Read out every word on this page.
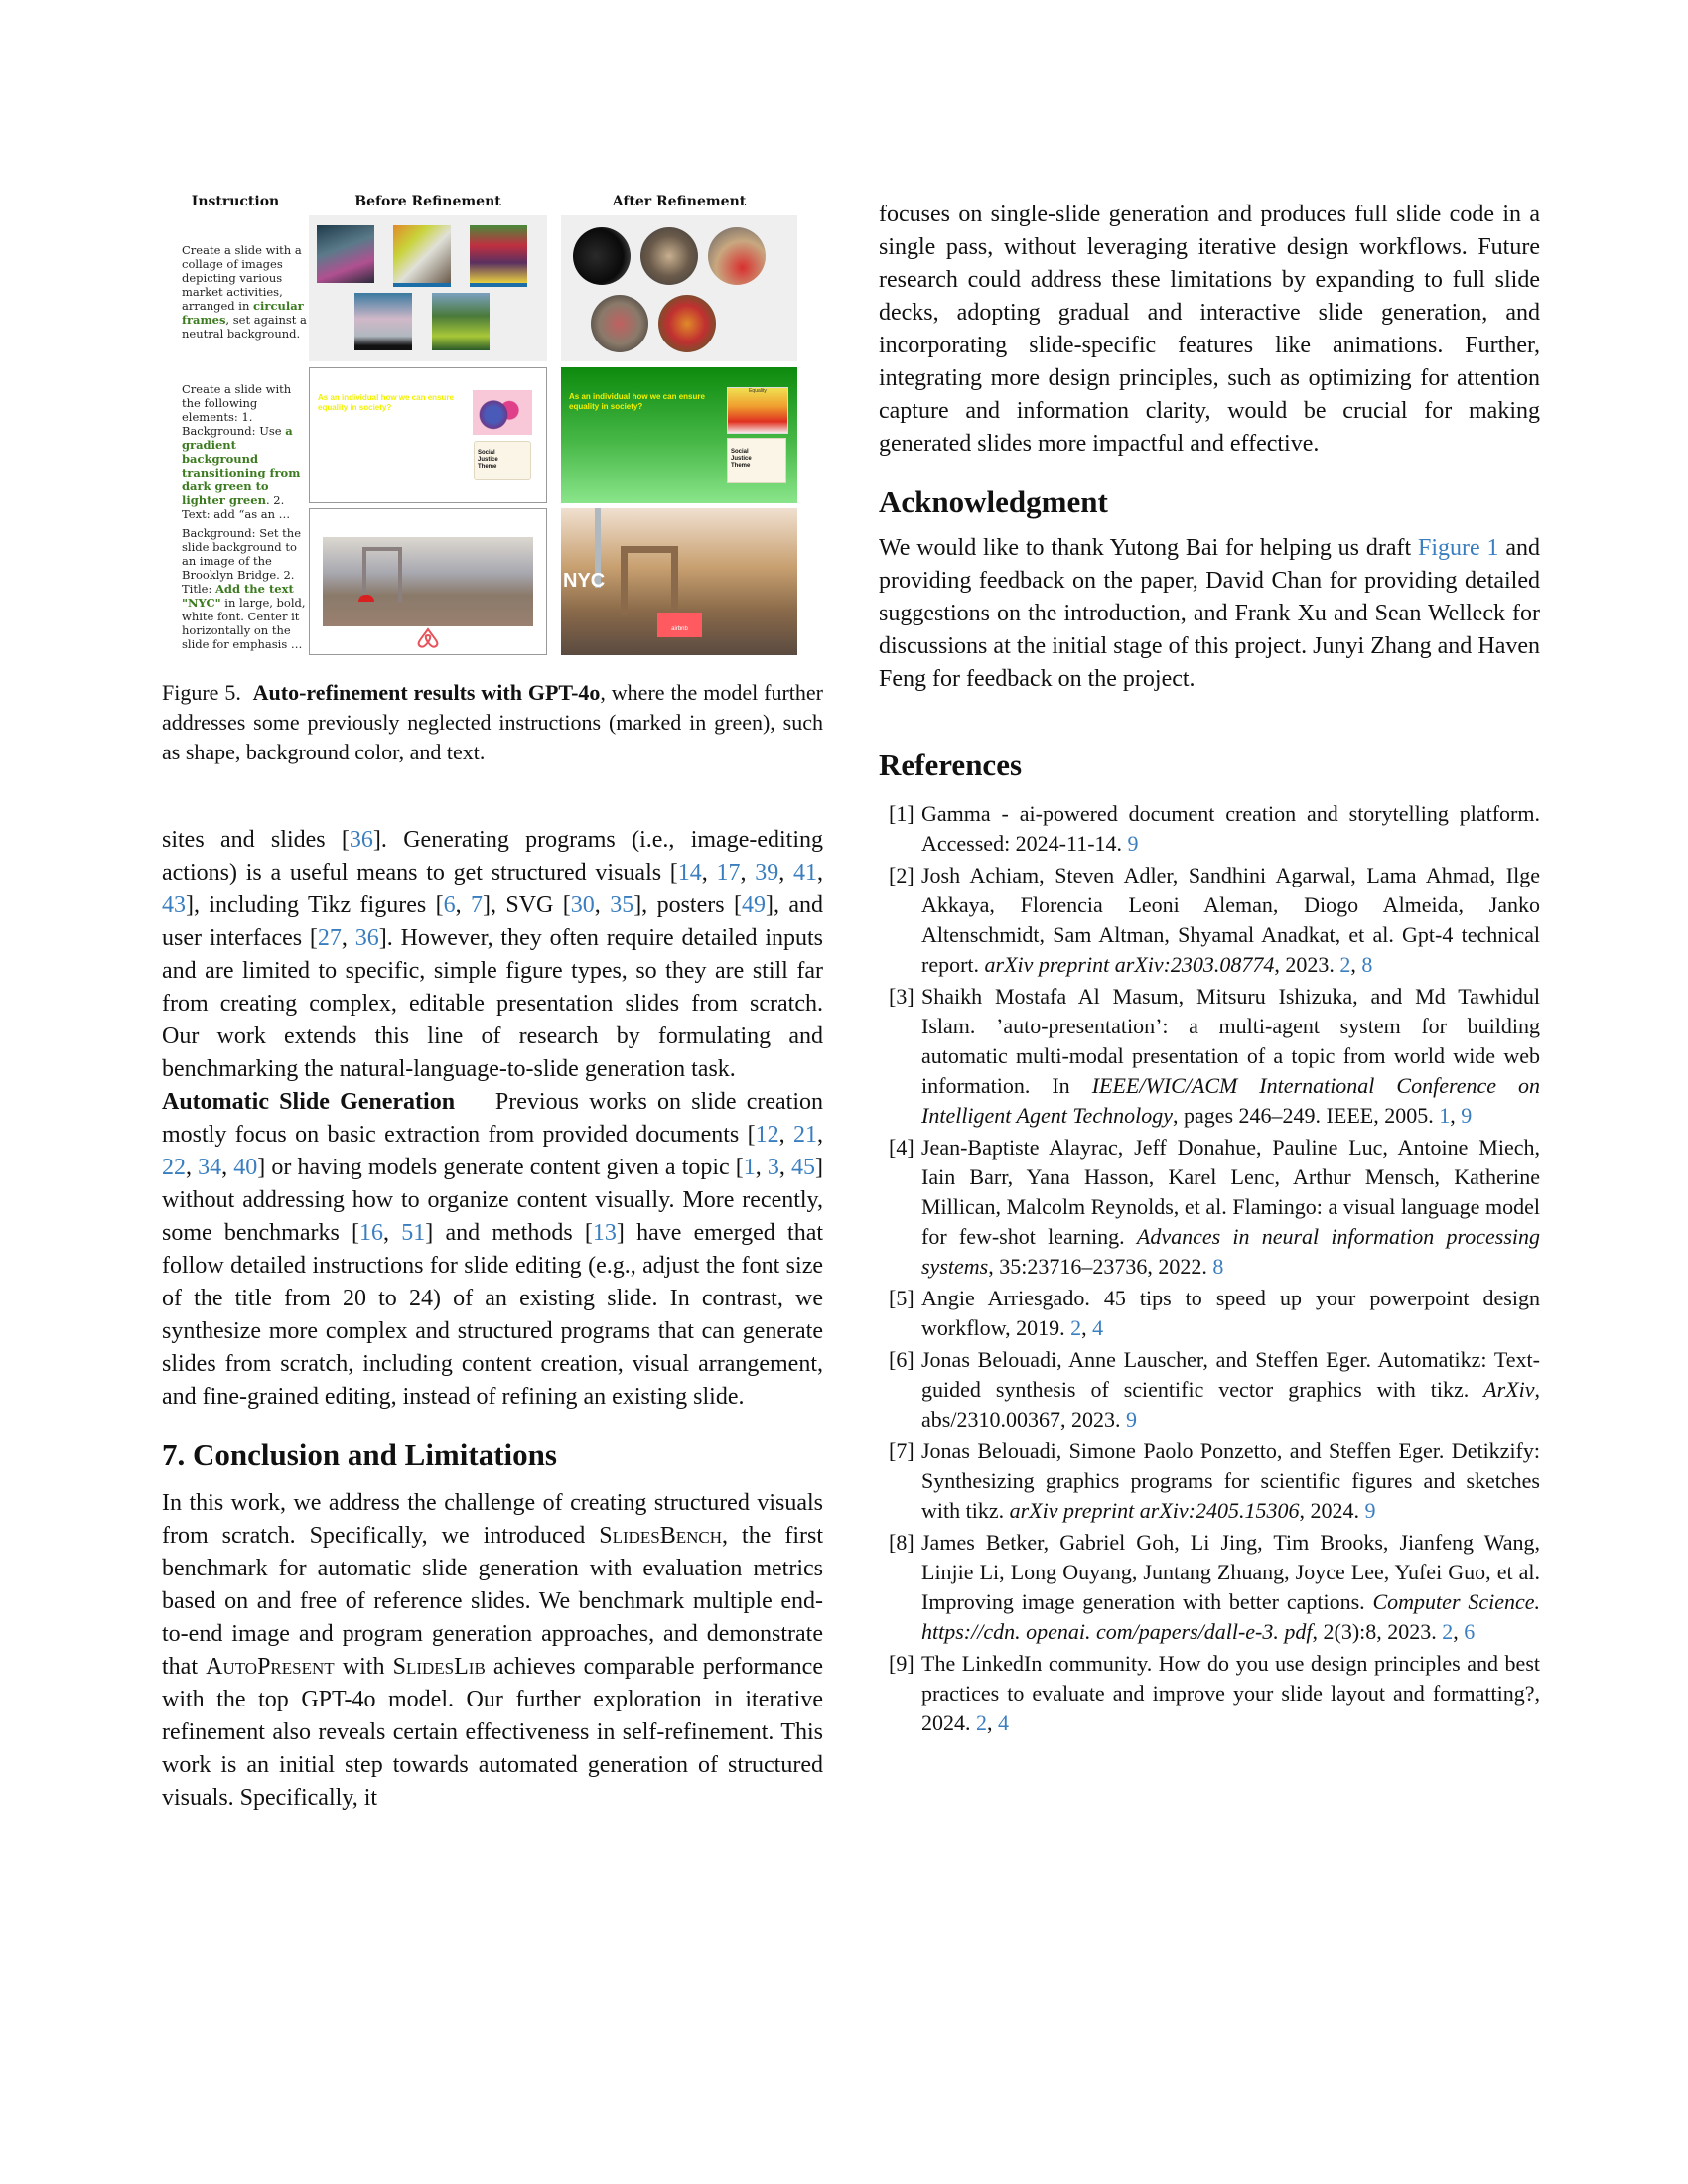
Instruction	Before Refinement	After Refinement
Create a slide with a collage of images depicting various market activities, arranged in circular frames, set against a neutral background.
Create a slide with the following elements: 1. Background: Use a gradient background transitioning from dark green to lighter green. 2. Text: add “as an …
As an individual how we can ensure equality in society?
Social Justice Theme
As an individual how we can ensure equality in society?
Equality
Social Justice Theme
Background: Set the slide background to an image of the Brooklyn Bridge. 2. Title: Add the text "NYC" in large, bold, white font. Center it horizontally on the slide for emphasis …
NYC
airbnb
Figure 5. Auto-refinement results with GPT-4o, where the model further addresses some previously neglected instructions (marked in green), such as shape, background color, and text.

sites and slides [36]. Generating programs (i.e., image-editing actions) is a useful means to get structured visuals [14, 17, 39, 41, 43], including Tikz figures [6, 7], SVG [30, 35], posters [49], and user interfaces [27, 36]. However, they often require detailed inputs and are limited to specific, simple figure types, so they are still far from creating complex, editable presentation slides from scratch. Our work extends this line of research by formulating and benchmarking the natural-language-to-slide generation task.

Automatic Slide Generation Previous works on slide creation mostly focus on basic extraction from provided documents [12, 21, 22, 34, 40] or having models generate content given a topic [1, 3, 45] without addressing how to organize content visually. More recently, some benchmarks [16, 51] and methods [13] have emerged that follow detailed instructions for slide editing (e.g., adjust the font size of the title from 20 to 24) of an existing slide. In contrast, we synthesize more complex and structured programs that can generate slides from scratch, including content creation, visual arrangement, and fine-grained editing, instead of refining an existing slide.

7. Conclusion and Limitations

In this work, we address the challenge of creating structured visuals from scratch. Specifically, we introduced SlidesBench, the first benchmark for automatic slide generation with evaluation metrics based on and free of reference slides. We benchmark multiple end-to-end image and program generation approaches, and demonstrate that AutoPresent with SlidesLib achieves comparable performance with the top GPT-4o model. Our further exploration in iterative refinement also reveals certain effectiveness in self-refinement. This work is an initial step towards automated generation of structured visuals. Specifically, it

focuses on single-slide generation and produces full slide code in a single pass, without leveraging iterative design workflows. Future research could address these limitations by expanding to full slide decks, adopting gradual and interactive slide generation, and incorporating slide-specific features like animations. Further, integrating more design principles, such as optimizing for attention capture and information clarity, would be crucial for making generated slides more impactful and effective.

Acknowledgment

We would like to thank Yutong Bai for helping us draft Figure 1 and providing feedback on the paper, David Chan for providing detailed suggestions on the introduction, and Frank Xu and Sean Welleck for discussions at the initial stage of this project. Junyi Zhang and Haven Feng for feedback on the project.

References
[1] Gamma - ai-powered document creation and storytelling platform. Accessed: 2024-11-14. 9
[2] Josh Achiam, Steven Adler, Sandhini Agarwal, Lama Ahmad, Ilge Akkaya, Florencia Leoni Aleman, Diogo Almeida, Janko Altenschmidt, Sam Altman, Shyamal Anadkat, et al. Gpt-4 technical report. arXiv preprint arXiv:2303.08774, 2023. 2, 8
[3] Shaikh Mostafa Al Masum, Mitsuru Ishizuka, and Md Tawhidul Islam. ’auto-presentation’: a multi-agent system for building automatic multi-modal presentation of a topic from world wide web information. In IEEE/WIC/ACM International Conference on Intelligent Agent Technology, pages 246–249. IEEE, 2005. 1, 9
[4] Jean-Baptiste Alayrac, Jeff Donahue, Pauline Luc, Antoine Miech, Iain Barr, Yana Hasson, Karel Lenc, Arthur Mensch, Katherine Millican, Malcolm Reynolds, et al. Flamingo: a visual language model for few-shot learning. Advances in neural information processing systems, 35:23716–23736, 2022. 8
[5] Angie Arriesgado. 45 tips to speed up your powerpoint design workflow, 2019. 2, 4
[6] Jonas Belouadi, Anne Lauscher, and Steffen Eger. Automatikz: Text-guided synthesis of scientific vector graphics with tikz. ArXiv, abs/2310.00367, 2023. 9
[7] Jonas Belouadi, Simone Paolo Ponzetto, and Steffen Eger. Detikzify: Synthesizing graphics programs for scientific figures and sketches with tikz. arXiv preprint arXiv:2405.15306, 2024. 9
[8] James Betker, Gabriel Goh, Li Jing, Tim Brooks, Jianfeng Wang, Linjie Li, Long Ouyang, Juntang Zhuang, Joyce Lee, Yufei Guo, et al. Improving image generation with better captions. Computer Science. https://cdn. openai. com/papers/dall-e-3. pdf, 2(3):8, 2023. 2, 6
[9] The LinkedIn community. How do you use design principles and best practices to evaluate and improve your slide layout and formatting?, 2024. 2, 4
